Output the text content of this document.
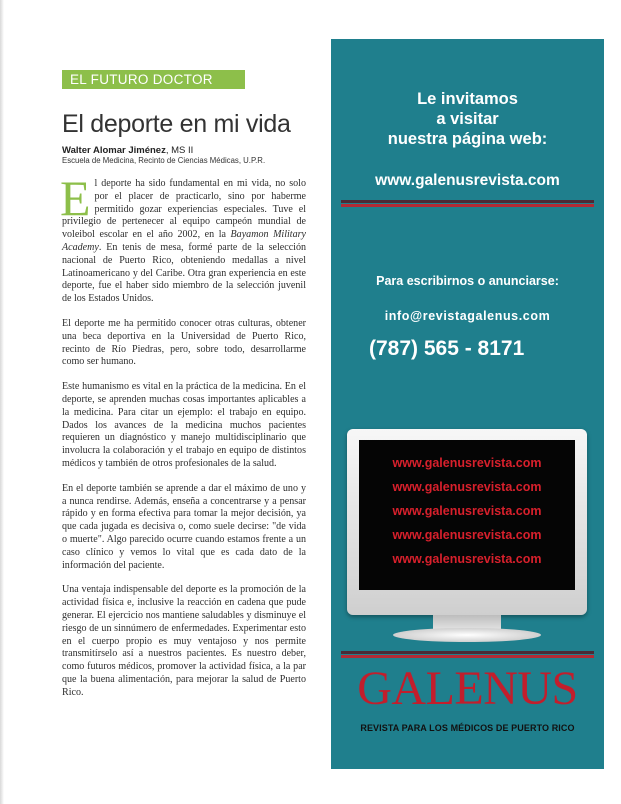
EL FUTURO DOCTOR
El deporte en mi vida
Walter Alomar Jiménez, MS II
Escuela de Medicina, Recinto de Ciencias Médicas, U.P.R.

El deporte ha sido fundamental en mi vida, no solo por el placer de practicarlo, sino por haberme permitido gozar experiencias especiales. Tuve el privilegio de pertenecer al equipo campeón mundial de voleibol escolar en el año 2002, en la Bayamon Military Academy. En tenis de mesa, formé parte de la selección nacional de Puerto Rico, obteniendo medallas a nivel Latinoamericano y del Caribe. Otra gran experiencia en este deporte, fue el haber sido miembro de la selección juvenil de los Estados Unidos.

El deporte me ha permitido conocer otras culturas, obtener una beca deportiva en la Universidad de Puerto Rico, recinto de Río Piedras, pero, sobre todo, desarrollarme como ser humano.

Este humanismo es vital en la práctica de la medicina. En el deporte, se aprenden muchas cosas importantes aplicables a la medicina. Para citar un ejemplo: el trabajo en equipo. Dados los avances de la medicina muchos pacientes requieren un diagnóstico y manejo multidisciplinario que involucra la colaboración y el trabajo en equipo de distintos médicos y también de otros profesionales de la salud.

En el deporte también se aprende a dar el máximo de uno y a nunca rendirse. Además, enseña a concentrarse y a pensar rápido y en forma efectiva para tomar la mejor decisión, ya que cada jugada es decisiva o, como suele decirse: "de vida o muerte". Algo parecido ocurre cuando estamos frente a un caso clínico y vemos lo vital que es cada dato de la información del paciente.

Una ventaja indispensable del deporte es la promoción de la actividad física e, inclusive la reacción en cadena que pude generar. El ejercicio nos mantiene saludables y disminuye el riesgo de un sinnúmero de enfermedades. Experimentar esto en el cuerpo propio es muy ventajoso y nos permite transmitírselo así a nuestros pacientes. Es nuestro deber, como futuros médicos, promover la actividad física, a la par que la buena alimentación, para mejorar la salud de Puerto Rico.

Le invitamos
a visitar
nuestra página web:
www.galenusrevista.com
Para escribirnos o anunciarse:
info@revistagalenus.com
(787) 565 - 8171
www.galenusrevista.com
www.galenusrevista.com
www.galenusrevista.com
www.galenusrevista.com
www.galenusrevista.com
GALENUS
REVISTA PARA LOS MÉDICOS DE PUERTO RICO
